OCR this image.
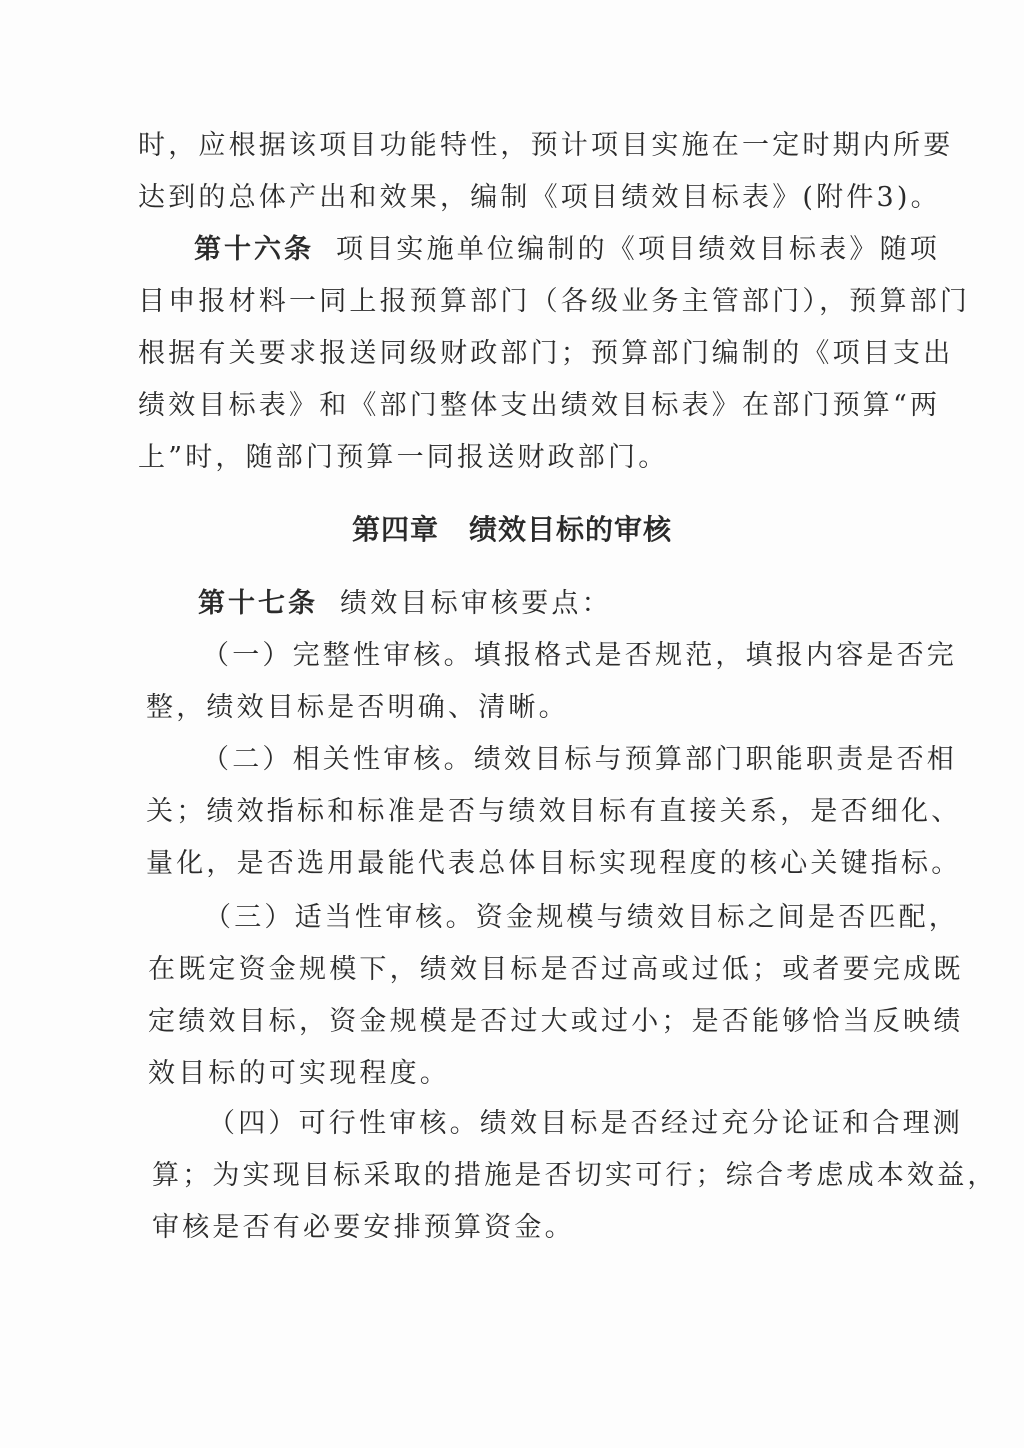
时，应根据该项目功能特性，预计项目实施在一定时期内所要
达到的总体产出和效果，编制《项目绩效目标表》(附件3)。
第十六条 项目实施单位编制的《项目绩效目标表》随项
目申报材料一同上报预算部门（各级业务主管部门），预算部门
根据有关要求报送同级财政部门；预算部门编制的《项目支出
绩效目标表》和《部门整体支出绩效目标表》在部门预算“两
上”时，随部门预算一同报送财政部门。
第四章 绩效目标的审核
第十七条 绩效目标审核要点：
（一）完整性审核。填报格式是否规范，填报内容是否完
整，绩效目标是否明确、清晰。
（二）相关性审核。绩效目标与预算部门职能职责是否相
关；绩效指标和标准是否与绩效目标有直接关系，是否细化、
量化，是否选用最能代表总体目标实现程度的核心关键指标。
（三）适当性审核。资金规模与绩效目标之间是否匹配，
在既定资金规模下，绩效目标是否过高或过低；或者要完成既
定绩效目标，资金规模是否过大或过小；是否能够恰当反映绩
效目标的可实现程度。
（四）可行性审核。绩效目标是否经过充分论证和合理测
算；为实现目标采取的措施是否切实可行；综合考虑成本效益，
审核是否有必要安排预算资金。
